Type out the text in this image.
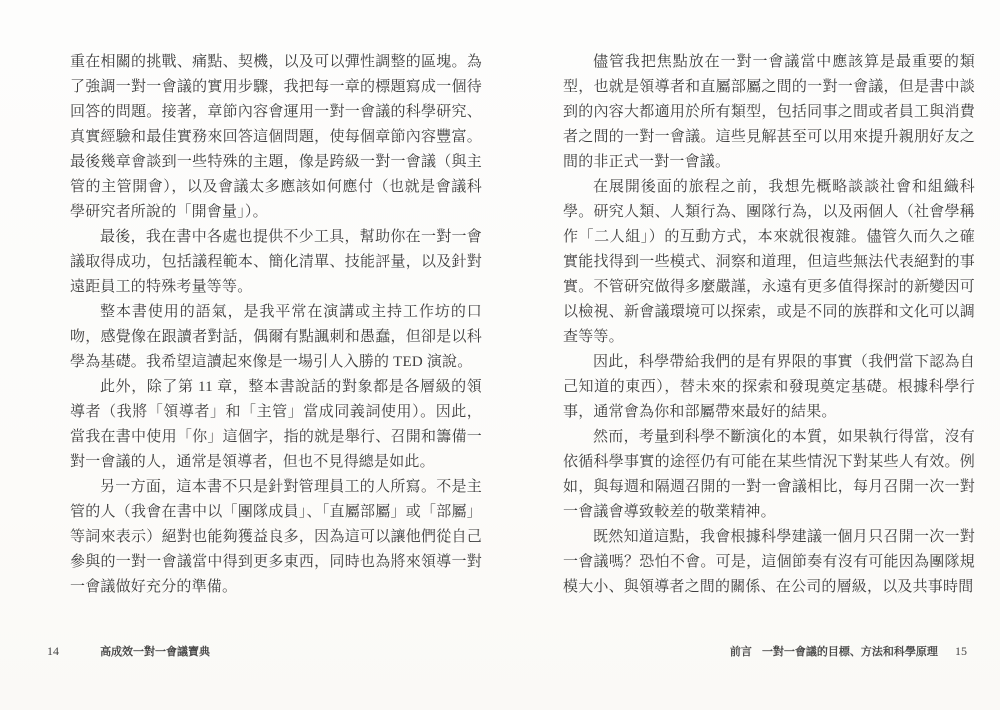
重在相關的挑戰、痛點、契機，以及可以彈性調整的區塊。為了強調一對一會議的實用步驟，我把每一章的標題寫成一個待回答的問題。接著，章節內容會運用一對一會議的科學研究、真實經驗和最佳實務來回答這個問題，使每個章節內容豐富。最後幾章會談到一些特殊的主題，像是跨級一對一會議（與主管的主管開會），以及會議太多應該如何應付（也就是會議科學研究者所說的「開會量」）。

最後，我在書中各處也提供不少工具，幫助你在一對一會議取得成功，包括議程範本、簡化清單、技能評量，以及針對遠距員工的特殊考量等等。

整本書使用的語氣，是我平常在演講或主持工作坊的口吻，感覺像在跟讀者對話，偶爾有點諷刺和愚蠢，但卻是以科學為基礎。我希望這讀起來像是一場引人入勝的 TED 演說。

此外，除了第 11 章，整本書說話的對象都是各層級的領導者（我將「領導者」和「主管」當成同義詞使用）。因此，當我在書中使用「你」這個字，指的就是舉行、召開和籌備一對一會議的人，通常是領導者，但也不見得總是如此。

另一方面，這本書不只是針對管理員工的人所寫。不是主管的人（我會在書中以「團隊成員」、「直屬部屬」或「部屬」等詞來表示）絕對也能夠獲益良多，因為這可以讓他們從自己參與的一對一會議當中得到更多東西，同時也為將來領導一對一會議做好充分的準備。

儘管我把焦點放在一對一會議當中應該算是最重要的類型，也就是領導者和直屬部屬之間的一對一會議，但是書中談到的內容大都適用於所有類型，包括同事之間或者員工與消費者之間的一對一會議。這些見解甚至可以用來提升親朋好友之間的非正式一對一會議。

在展開後面的旅程之前，我想先概略談談社會和組織科學。研究人類、人類行為、團隊行為，以及兩個人（社會學稱作「二人組」）的互動方式，本來就很複雜。儘管久而久之確實能找得到一些模式、洞察和道理，但這些無法代表絕對的事實。不管研究做得多麼嚴謹，永遠有更多值得探討的新變因可以檢視、新會議環境可以探索，或是不同的族群和文化可以調查等等。

因此，科學帶給我們的是有界限的事實（我們當下認為自己知道的東西），替未來的探索和發現奠定基礎。根據科學行事，通常會為你和部屬帶來最好的結果。

然而，考量到科學不斷演化的本質，如果執行得當，沒有依循科學事實的途徑仍有可能在某些情況下對某些人有效。例如，與每週和隔週召開的一對一會議相比，每月召開一次一對一會議會導致較差的敬業精神。

既然知道這點，我會根據科學建議一個月只召開一次一對一會議嗎？恐怕不會。可是，這個節奏有沒有可能因為團隊規模大小、與領導者之間的關係、在公司的層級，以及共事時間

14	高成效一對一會議寶典	前言 一對一會議的目標、方法和科學原理 15
